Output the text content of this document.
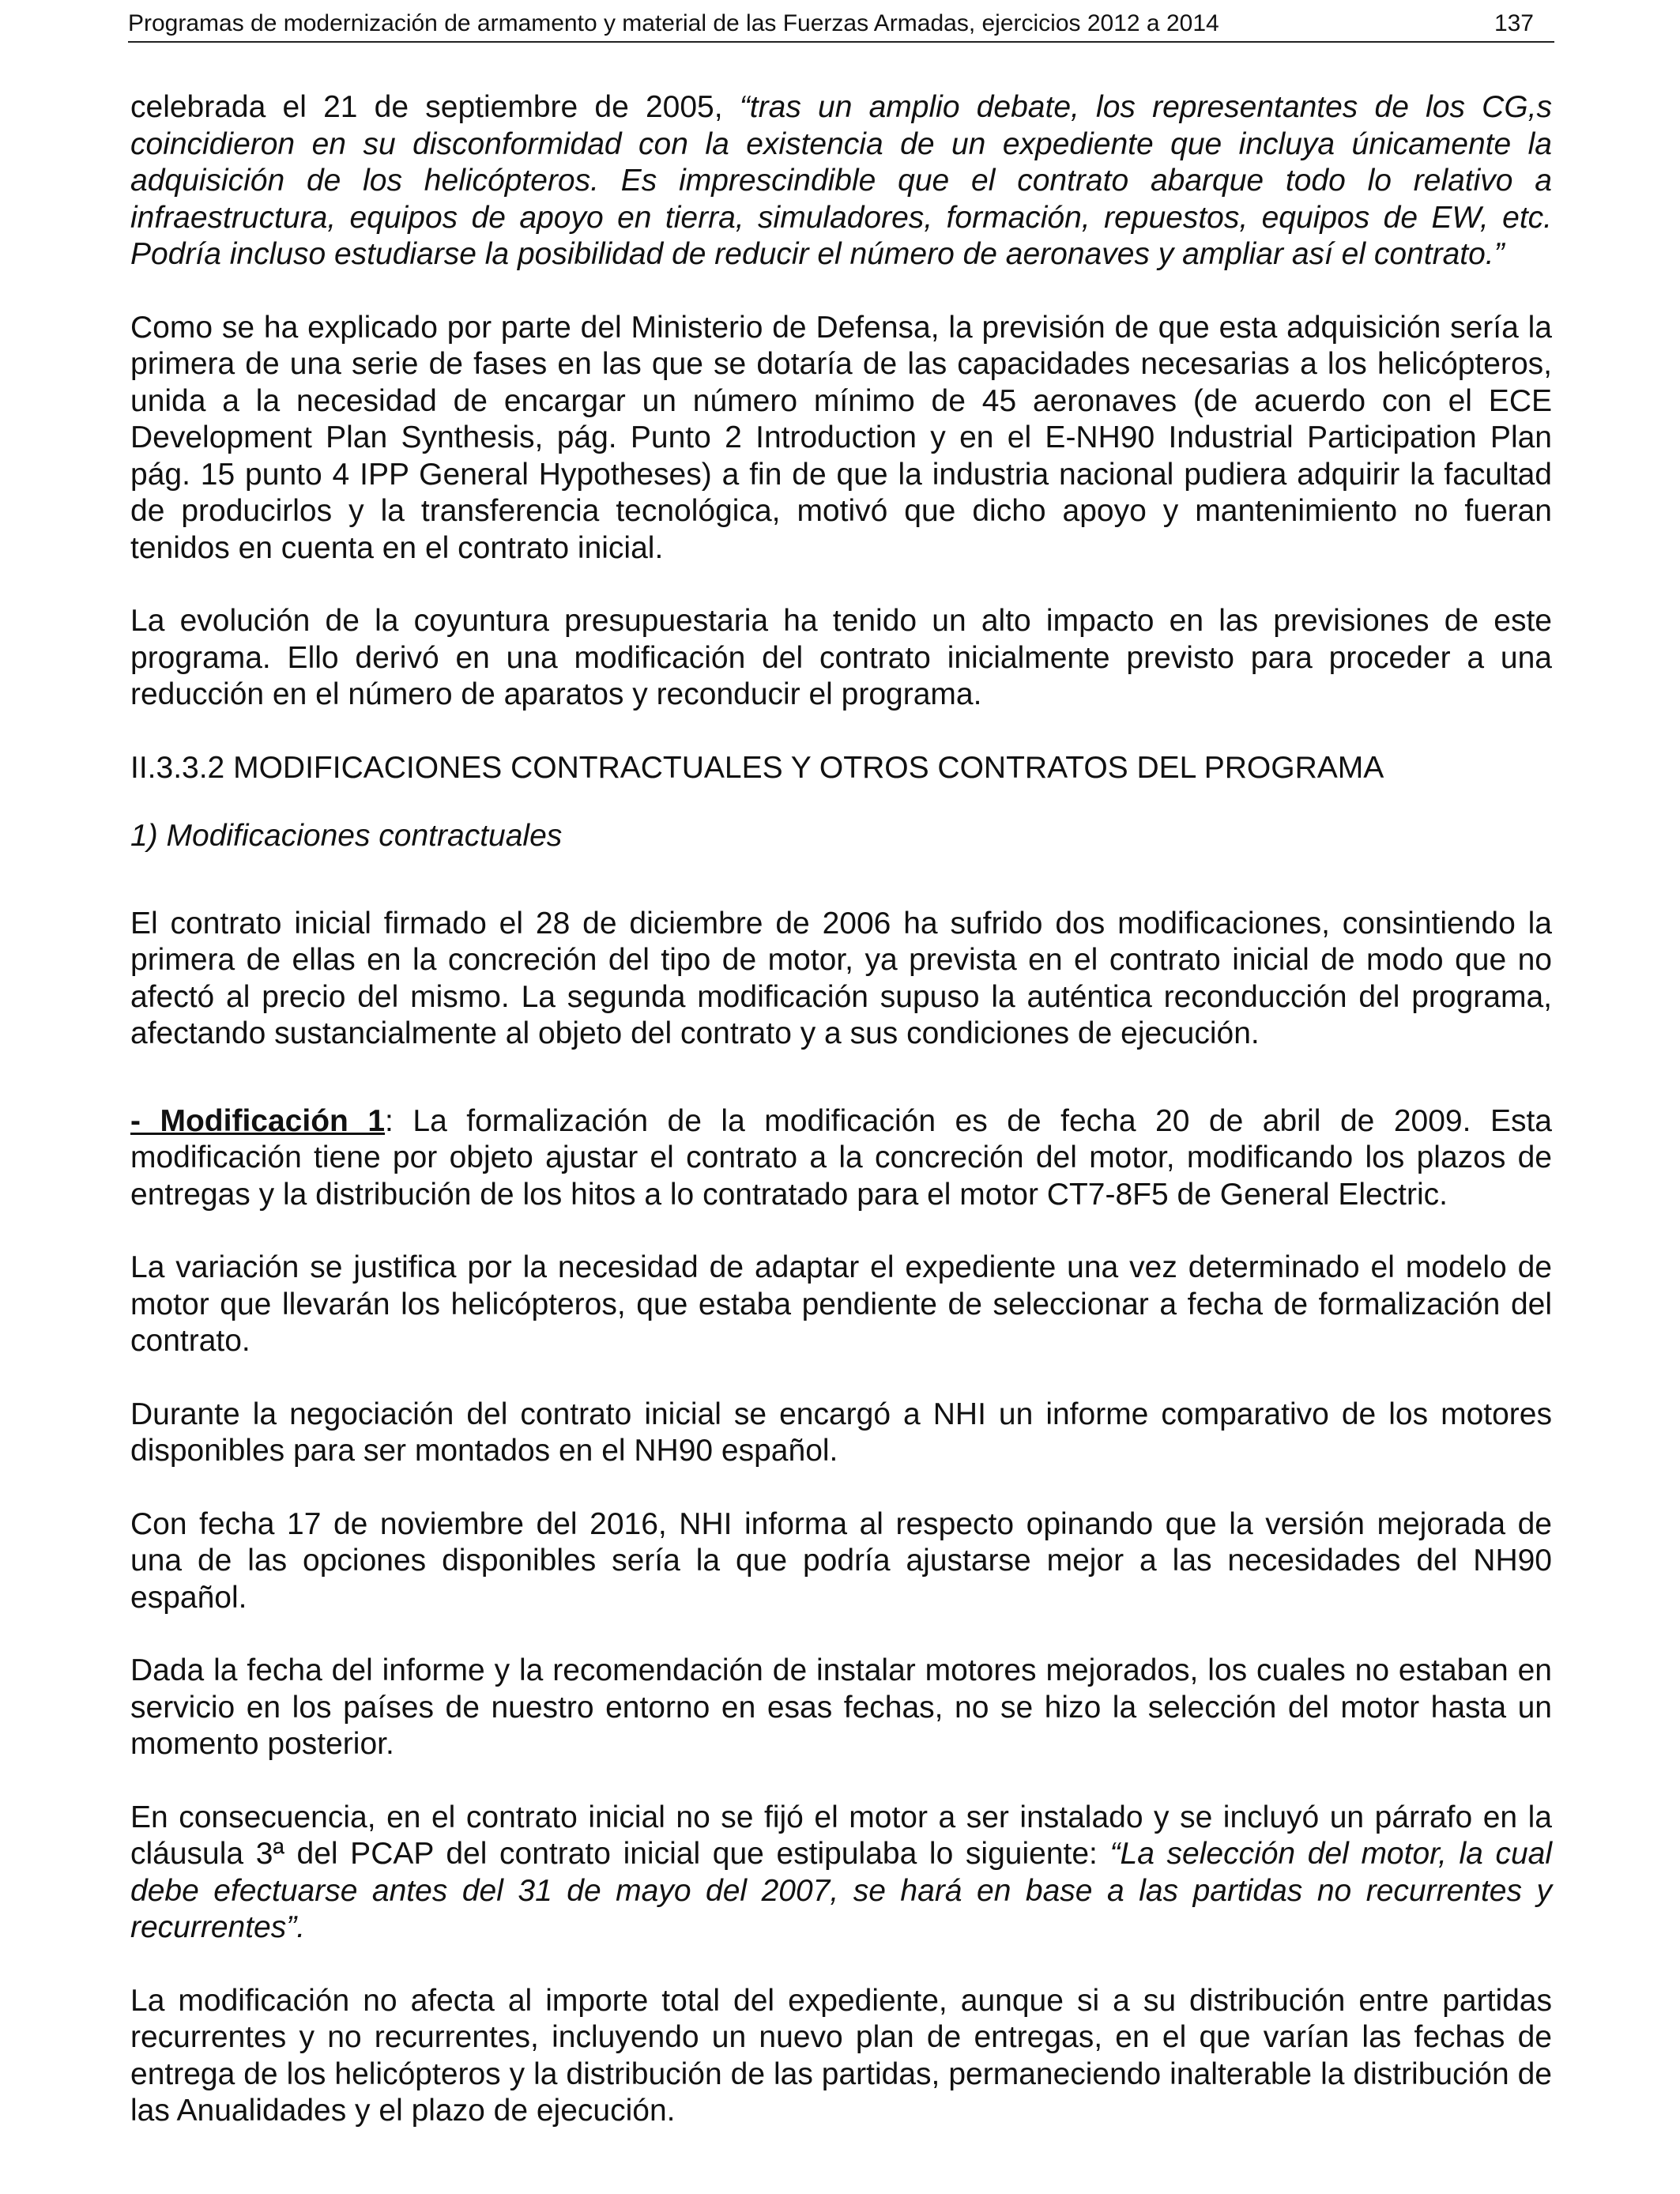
Programas de modernización de armamento y material de las Fuerzas Armadas, ejercicios 2012 a 2014	137

celebrada el 21 de septiembre de 2005, “tras un amplio debate, los representantes de los CG,s coincidieron en su disconformidad con la existencia de un expediente que incluya únicamente la adquisición de los helicópteros. Es imprescindible que el contrato abarque todo lo relativo a infraestructura, equipos de apoyo en tierra, simuladores, formación, repuestos, equipos de EW, etc. Podría incluso estudiarse la posibilidad de reducir el número de aeronaves y ampliar así el contrato.”

Como se ha explicado por parte del Ministerio de Defensa, la previsión de que esta adquisición sería la primera de una serie de fases en las que se dotaría de las capacidades necesarias a los helicópteros, unida a la necesidad de encargar un número mínimo de 45 aeronaves (de acuerdo con el ECE Development Plan Synthesis, pág. Punto 2 Introduction y en el E-NH90 Industrial Participation Plan pág. 15 punto 4 IPP General Hypotheses) a fin de que la industria nacional pudiera adquirir la facultad de producirlos y la transferencia tecnológica, motivó que dicho apoyo y mantenimiento no fueran tenidos en cuenta en el contrato inicial.

La evolución de la coyuntura presupuestaria ha tenido un alto impacto en las previsiones de este programa. Ello derivó en una modificación del contrato inicialmente previsto para proceder a una reducción en el número de aparatos y reconducir el programa.

II.3.3.2 MODIFICACIONES CONTRACTUALES Y OTROS CONTRATOS DEL PROGRAMA

1) Modificaciones contractuales

El contrato inicial firmado el 28 de diciembre de 2006 ha sufrido dos modificaciones, consintiendo la primera de ellas en la concreción del tipo de motor, ya prevista en el contrato inicial de modo que no afectó al precio del mismo. La segunda modificación supuso la auténtica reconducción del programa, afectando sustancialmente al objeto del contrato y a sus condiciones de ejecución.

- Modificación 1: La formalización de la modificación es de fecha 20 de abril de 2009. Esta modificación tiene por objeto ajustar el contrato a la concreción del motor, modificando los plazos de entregas y la distribución de los hitos a lo contratado para el motor CT7-8F5 de General Electric.

La variación se justifica por la necesidad de adaptar el expediente una vez determinado el modelo de motor que llevarán los helicópteros, que estaba pendiente de seleccionar a fecha de formalización del contrato.

Durante la negociación del contrato inicial se encargó a NHI un informe comparativo de los motores disponibles para ser montados en el NH90 español.

Con fecha 17 de noviembre del 2016, NHI informa al respecto opinando que la versión mejorada de una de las opciones disponibles sería la que podría ajustarse mejor a las necesidades del NH90 español.

Dada la fecha del informe y la recomendación de instalar motores mejorados, los cuales no estaban en servicio en los países de nuestro entorno en esas fechas, no se hizo la selección del motor hasta un momento posterior.

En consecuencia, en el contrato inicial no se fijó el motor a ser instalado y se incluyó un párrafo en la cláusula 3ª del PCAP del contrato inicial que estipulaba lo siguiente: “La selección del motor, la cual debe efectuarse antes del 31 de mayo del 2007, se hará en base a las partidas no recurrentes y recurrentes”.

La modificación no afecta al importe total del expediente, aunque si a su distribución entre partidas recurrentes y no recurrentes, incluyendo un nuevo plan de entregas, en el que varían las fechas de entrega de los helicópteros y la distribución de las partidas, permaneciendo inalterable la distribución de las Anualidades y el plazo de ejecución.
